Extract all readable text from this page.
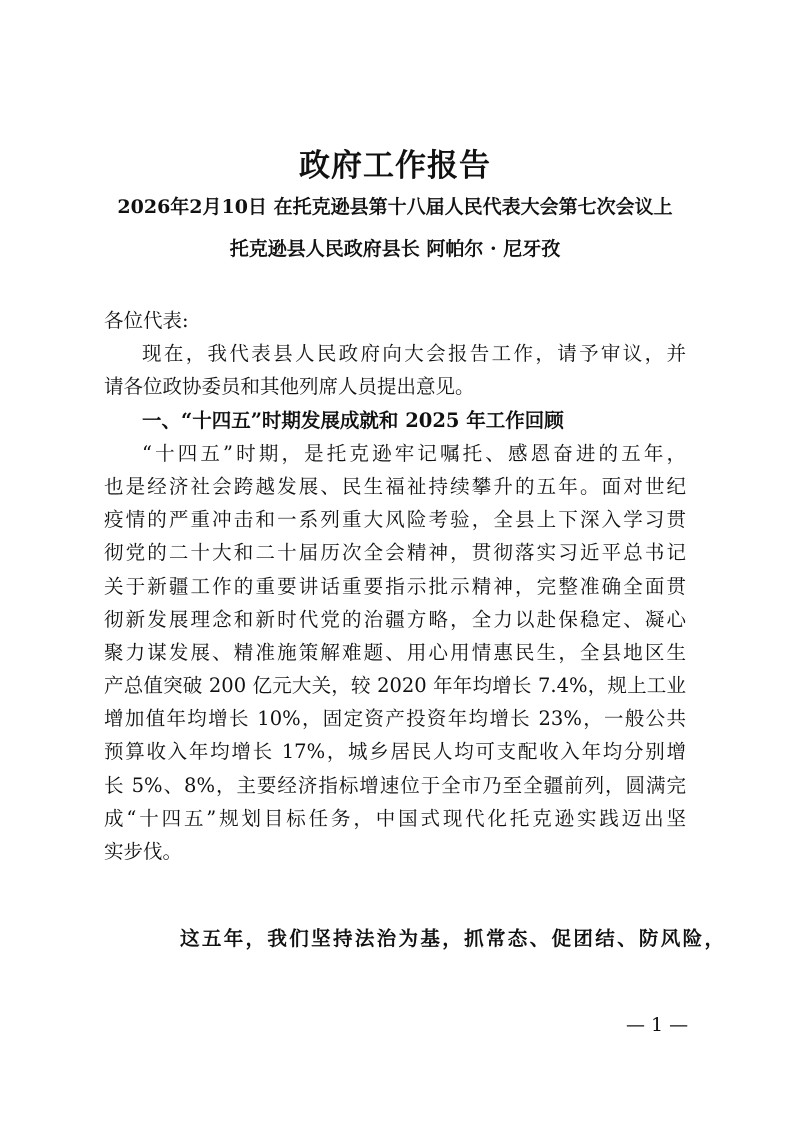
政府工作报告
2026年2月10日 在托克逊县第十八届人民代表大会第七次会议上
托克逊县人民政府县长 阿帕尔 · 尼牙孜
各位代表:
现在，我代表县人民政府向大会报告工作，请予审议，并
请各位政协委员和其他列席人员提出意见。
一、“十四五”时期发展成就和 2025 年工作回顾
“十四五”时期，是托克逊牢记嘱托、感恩奋进的五年，
也是经济社会跨越发展、民生福祉持续攀升的五年。面对世纪
疫情的严重冲击和一系列重大风险考验，全县上下深入学习贯
彻党的二十大和二十届历次全会精神，贯彻落实习近平总书记
关于新疆工作的重要讲话重要指示批示精神，完整准确全面贯
彻新发展理念和新时代党的治疆方略，全力以赴保稳定、凝心
聚力谋发展、精准施策解难题、用心用情惠民生，全县地区生
产总值突破 200 亿元大关，较 2020 年年均增长 7.4%，规上工业
增加值年均增长 10%，固定资产投资年均增长 23%，一般公共
预算收入年均增长 17%，城乡居民人均可支配收入年均分别增
长 5%、8%，主要经济指标增速位于全市乃至全疆前列，圆满完
成“十四五”规划目标任务，中国式现代化托克逊实践迈出坚
实步伐。
这五年，我们坚持法治为基，抓常态、促团结、防风险，
— 1 —
